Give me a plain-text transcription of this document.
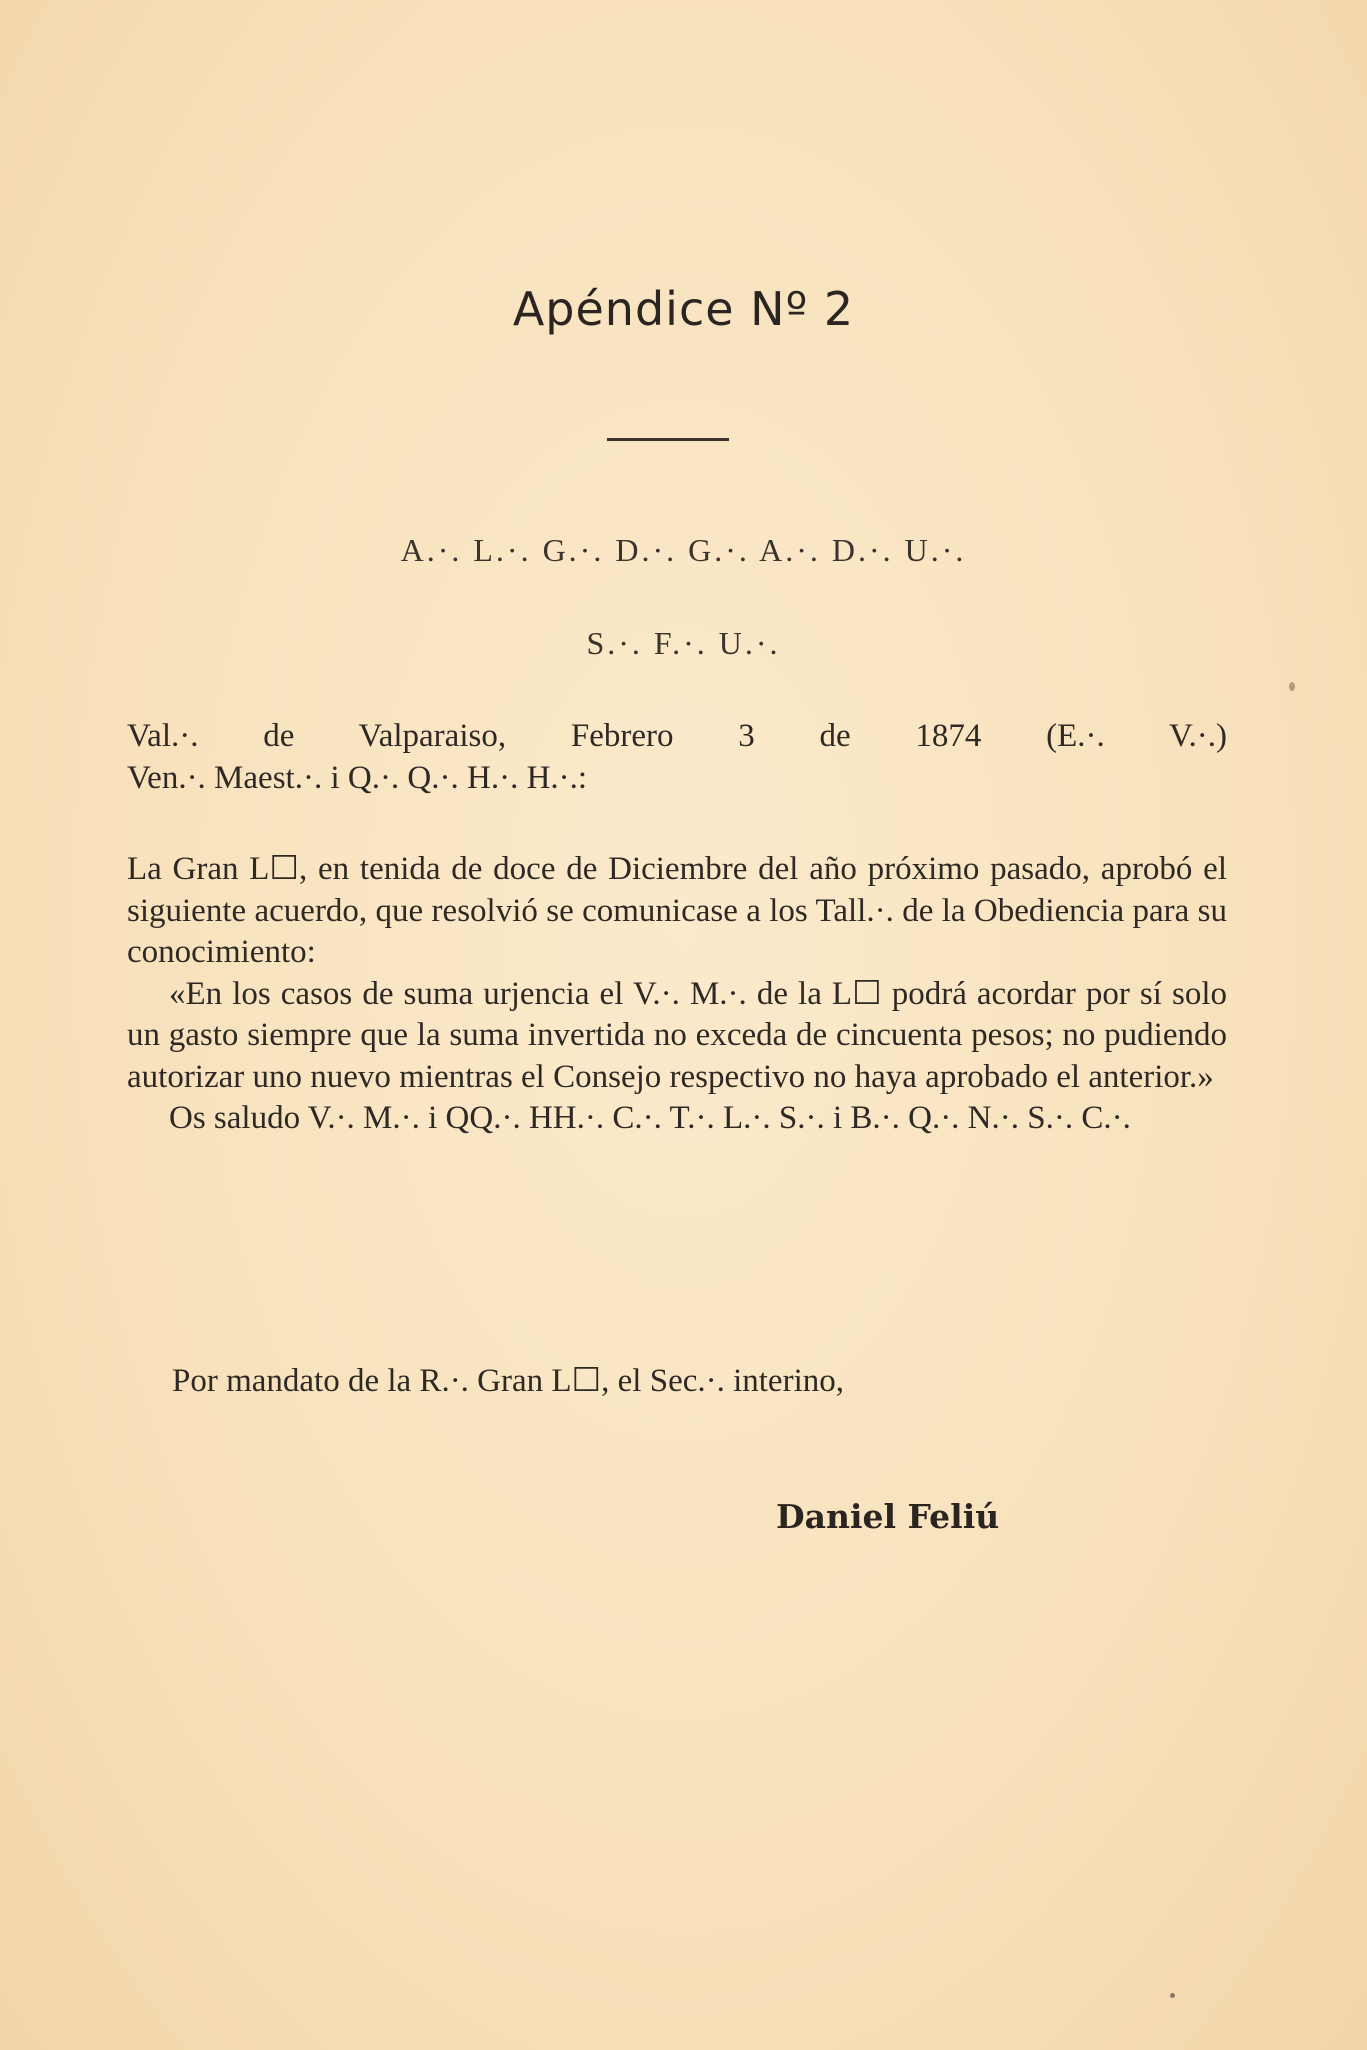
Apéndice Nº 2
A.·. L.·. G.·. D.·. G.·. A.·. D.·. U.·.
S.·. F.·. U.·.

Val.·. de Valparaiso, Febrero 3 de 1874 (E.·. V.·.)

Ven.·. Maest.·. i Q.·. Q.·. H.·. H.·.:

La Gran L☐, en tenida de doce de Diciembre del año próximo pasado, aprobó el siguiente acuerdo, que resolvió se comunicase a los Tall.·. de la Obediencia para su conocimiento:

«En los casos de suma urjencia el V.·. M.·. de la L☐ podrá acordar por sí solo un gasto siempre que la suma invertida no exceda de cincuenta pesos; no pudiendo autorizar uno nuevo mientras el Consejo respectivo no haya aprobado el anterior.»

Os saludo V.·. M.·. i QQ.·. HH.·. C.·. T.·. L.·. S.·. i B.·. Q.·. N.·. S.·. C.·.

Por mandato de la R.·. Gran L☐, el Sec.·. interino,
Daniel Feliú
